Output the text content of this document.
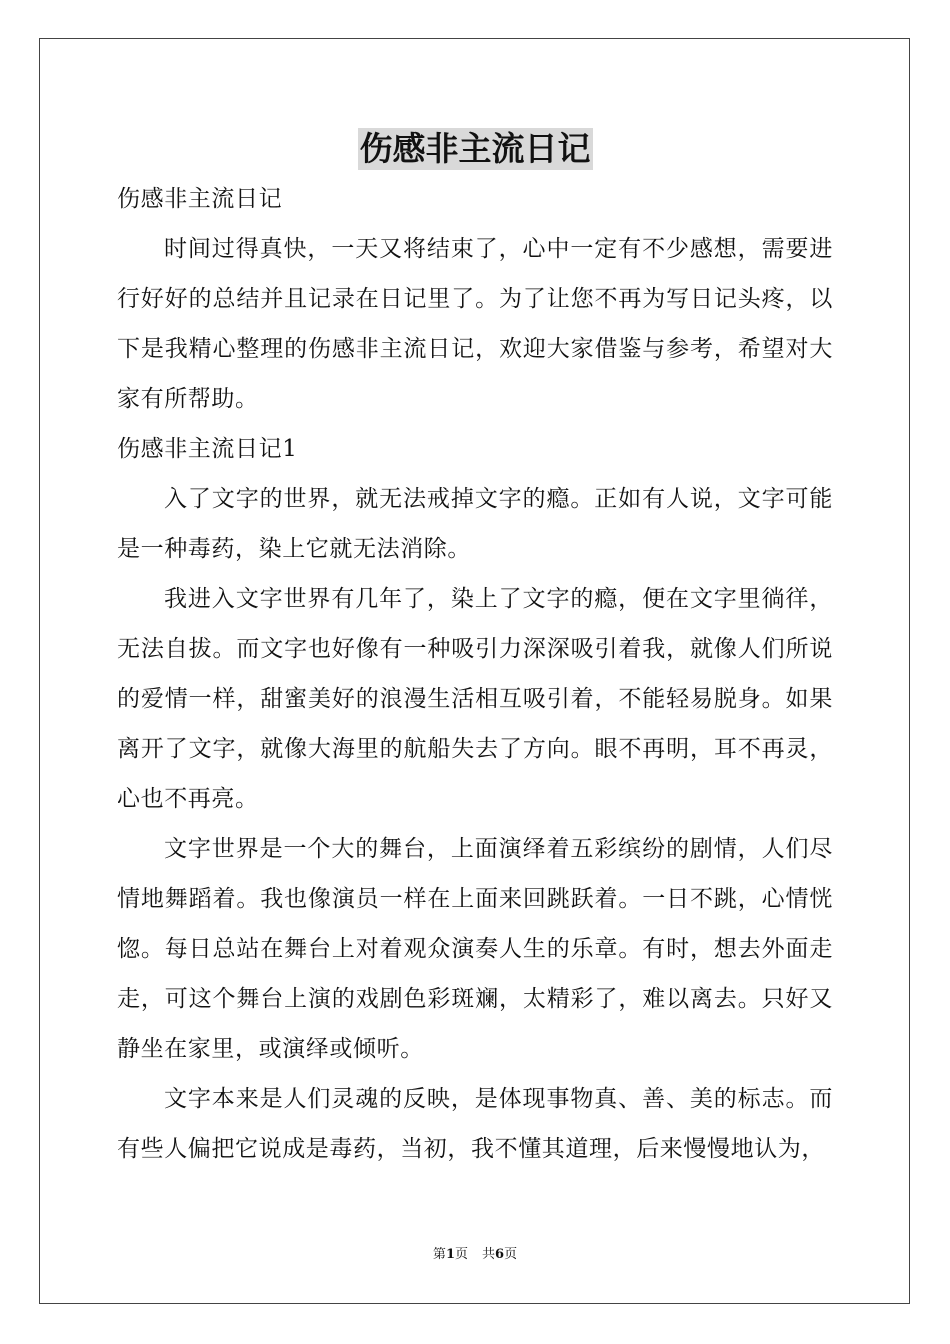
伤感非主流日记

伤感非主流日记

时间过得真快，一天又将结束了，心中一定有不少感想，需要进行好好的总结并且记录在日记里了。为了让您不再为写日记头疼，以下是我精心整理的伤感非主流日记，欢迎大家借鉴与参考，希望对大家有所帮助。

伤感非主流日记1

入了文字的世界，就无法戒掉文字的瘾。正如有人说，文字可能是一种毒药，染上它就无法消除。

我进入文字世界有几年了，染上了文字的瘾，便在文字里徜徉，无法自拔。而文字也好像有一种吸引力深深吸引着我，就像人们所说的爱情一样，甜蜜美好的浪漫生活相互吸引着，不能轻易脱身。如果离开了文字，就像大海里的航船失去了方向。眼不再明，耳不再灵，心也不再亮。

文字世界是一个大的舞台，上面演绎着五彩缤纷的剧情，人们尽情地舞蹈着。我也像演员一样在上面来回跳跃着。一日不跳，心情恍惚。每日总站在舞台上对着观众演奏人生的乐章。有时，想去外面走走，可这个舞台上演的戏剧色彩斑斓，太精彩了，难以离去。只好又静坐在家里，或演绎或倾听。

文字本来是人们灵魂的反映，是体现事物真、善、美的标志。而有些人偏把它说成是毒药，当初，我不懂其道理，后来慢慢地认为，

第1页 共6页
